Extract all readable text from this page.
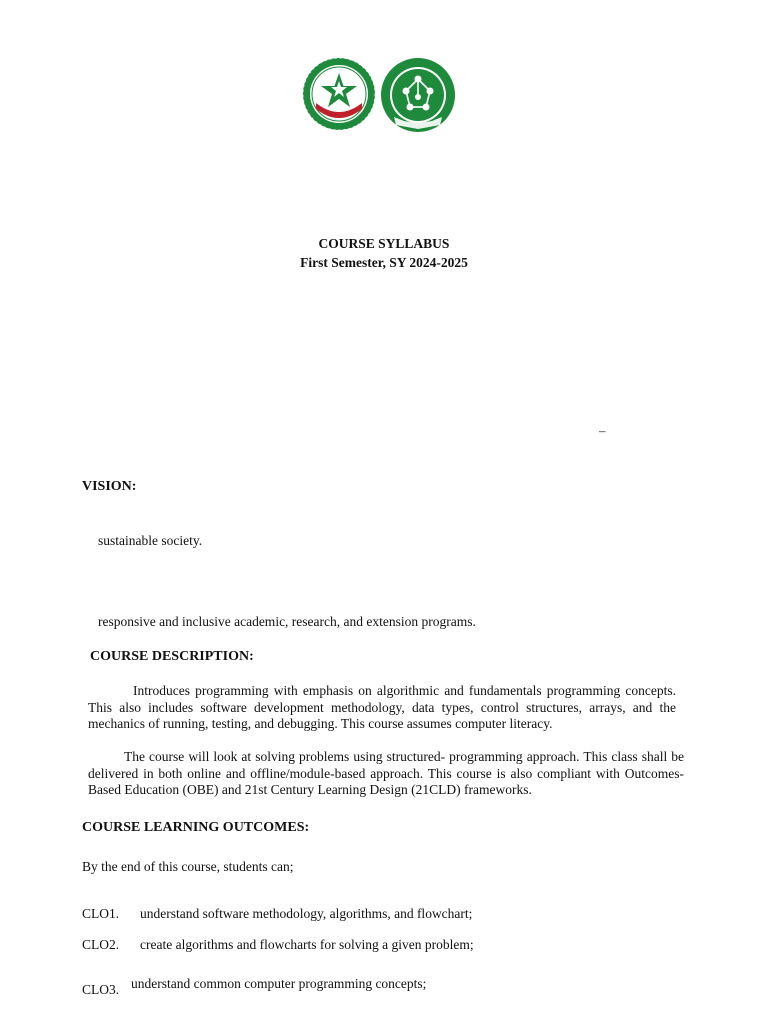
COURSE SYLLABUS
First Semester, SY 2024-2025
–
VISION:
sustainable society.
responsive and inclusive academic, research, and extension programs.
COURSE DESCRIPTION:
Introduces programming with emphasis on algorithmic and fundamentals programming concepts. This also includes software development methodology, data types, control structures, arrays, and the mechanics of running, testing, and debugging. This course assumes computer literacy.
The course will look at solving problems using structured- programming approach. This class shall be delivered in both online and offline/module-based approach. This course is also compliant with Outcomes-Based Education (OBE) and 21st Century Learning Design (21CLD) frameworks.
COURSE LEARNING OUTCOMES:
By the end of this course, students can;
CLO1. understand software methodology, algorithms, and flowchart;
CLO2. create algorithms and flowcharts for solving a given problem;
CLO3. understand common computer programming concepts;
